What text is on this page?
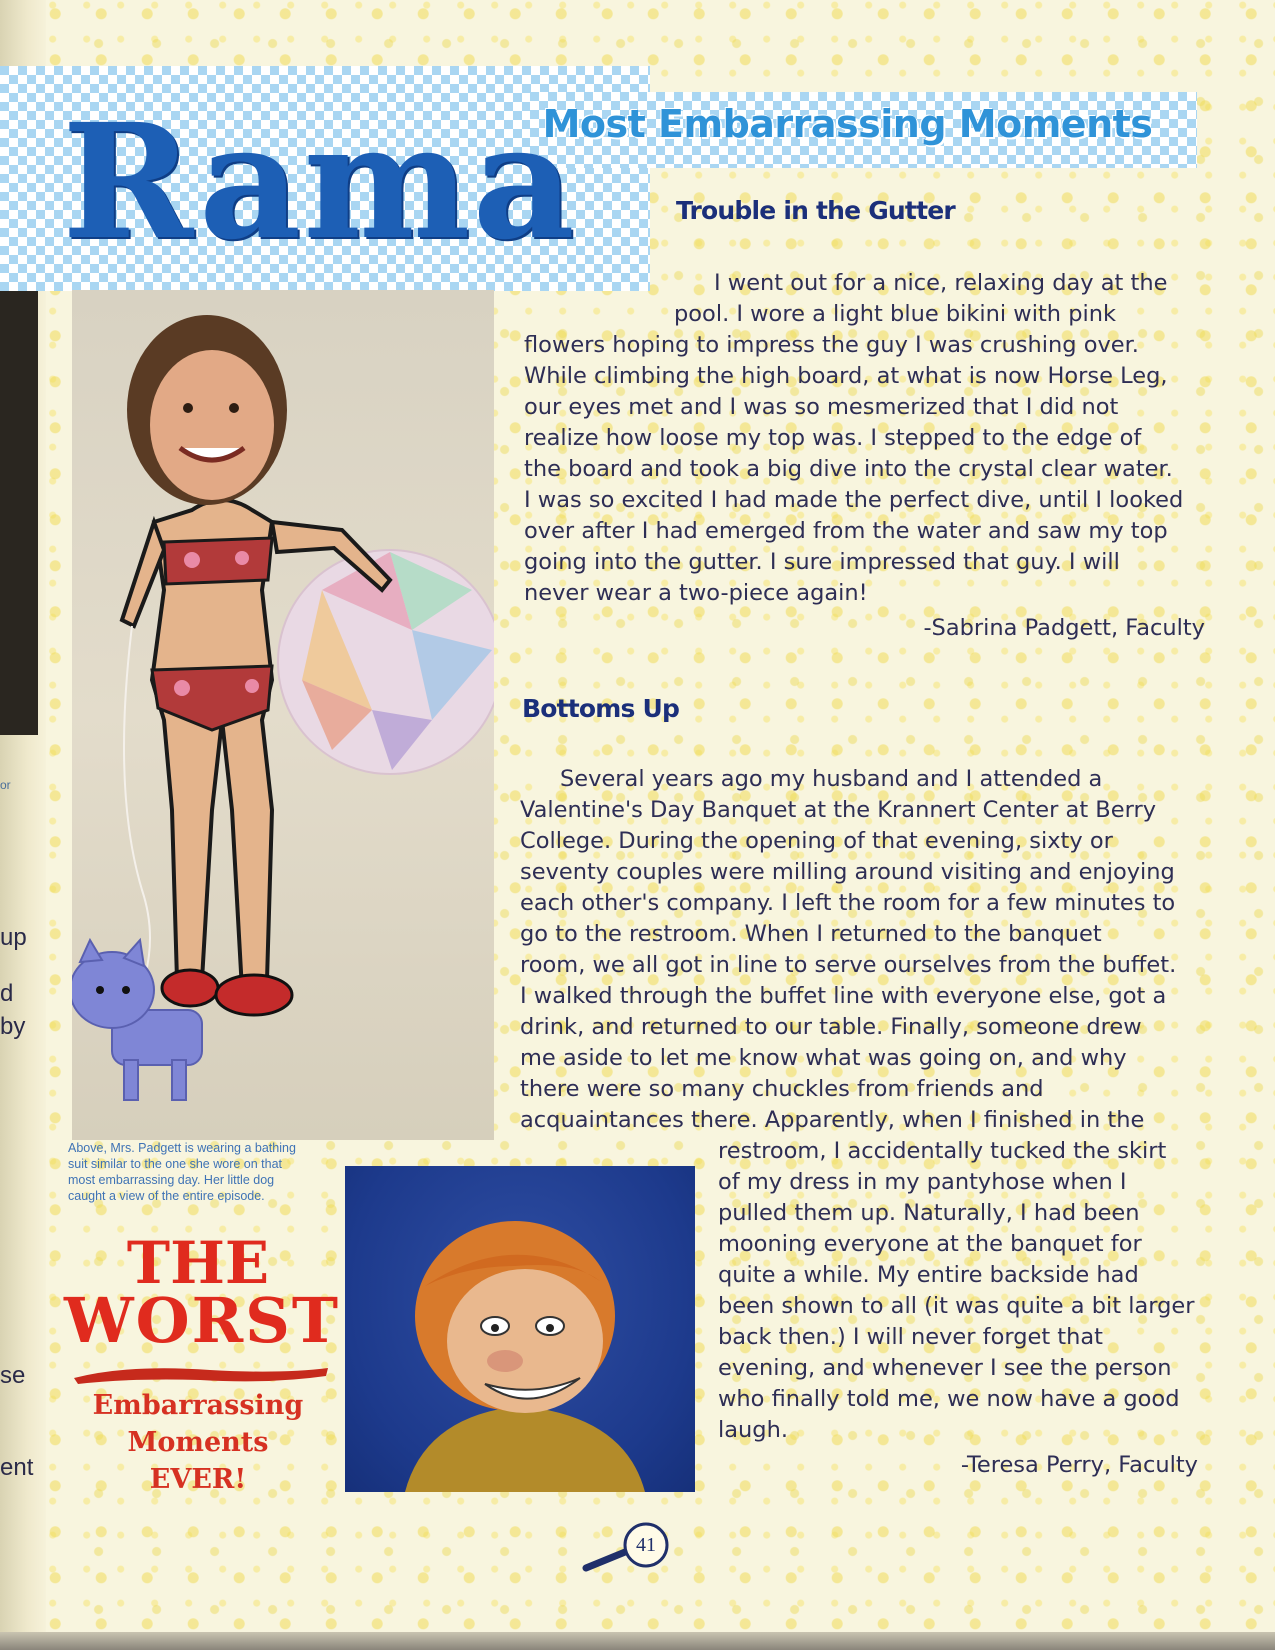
or
up
d
by
se
ent
Rama
Most Embarrassing Moments
Trouble in the Gutter

I went out for a nice, relaxing day at the

pool. I wore a light blue bikini with pink

flowers hoping to impress the guy I was crushing over.

While climbing the high board, at what is now Horse Leg,

our eyes met and I was so mesmerized that I did not

realize how loose my top was. I stepped to the edge of

the board and took a big dive into the crystal clear water.

I was so excited I had made the perfect dive, until I looked

over after I had emerged from the water and saw my top

going into the gutter. I sure impressed that guy. I will

never wear a two-piece again!

-Sabrina Padgett, Faculty
Bottoms Up

Several years ago my husband and I attended a

Valentine's Day Banquet at the Krannert Center at Berry

College. During the opening of that evening, sixty or

seventy couples were milling around visiting and enjoying

each other's company. I left the room for a few minutes to

go to the restroom. When I returned to the banquet

room, we all got in line to serve ourselves from the buffet.

I walked through the buffet line with everyone else, got a

drink, and returned to our table. Finally, someone drew

me aside to let me know what was going on, and why

there were so many chuckles from friends and

acquaintances there. Apparently, when I finished in the

restroom, I accidentally tucked the skirt

of my dress in my pantyhose when I

pulled them up. Naturally, I had been

mooning everyone at the banquet for

quite a while. My entire backside had

been shown to all (it was quite a bit larger

back then.) I will never forget that

evening, and whenever I see the person

who finally told me, we now have a good

laugh.

-Teresa Perry, Faculty
Above, Mrs. Padgett is wearing a bathing
suit similar to the one she wore on that
most embarrassing day. Her little dog
caught a view of the entire episode.
THE
WORST
Embarrassing
Moments
EVER!
41
